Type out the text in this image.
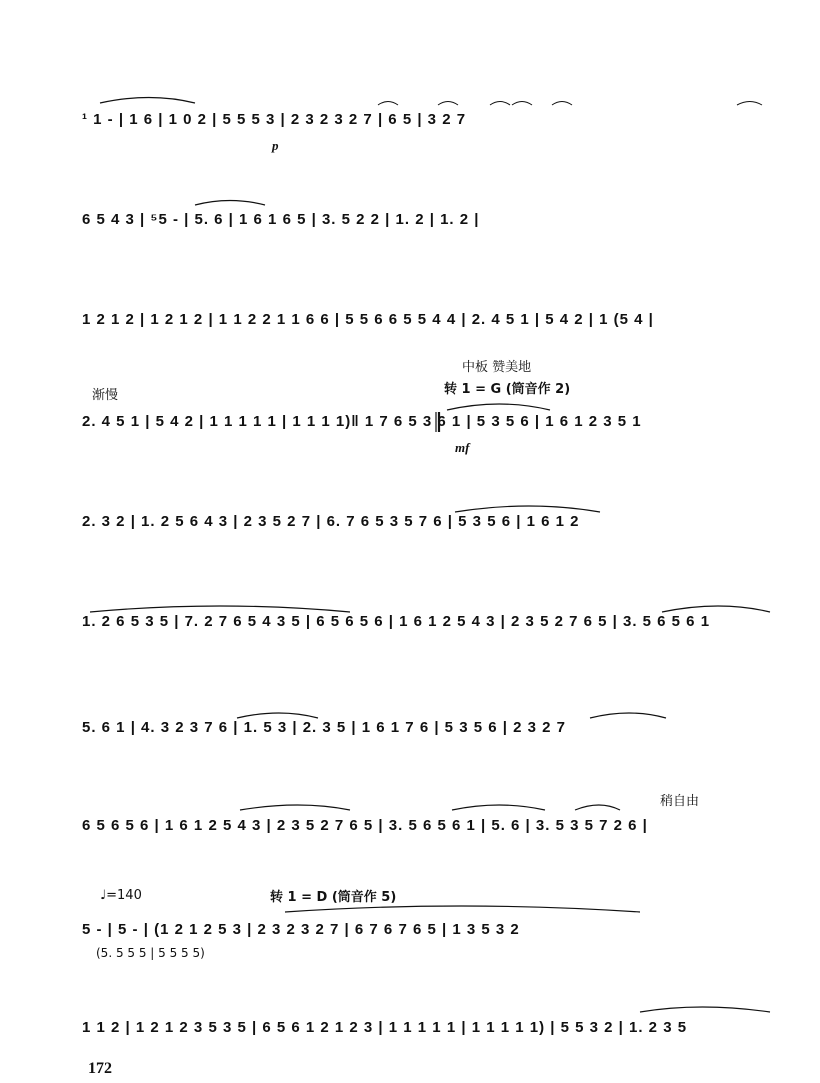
¹ 1 - | 1 6 | 1 0 2 | 5 5 5 3 | 2 3 2 3 2 7 | 6 5 | 3 2 7
p
6 5 4 3 | ⁵5 - | 5. 6 | 1 6 1 6 5 | 3. 5 2 2 | 1. 2 | 1. 2 |
1 2 1 2 | 1 2 1 2 | 1 1 2 2 1 1 6 6 | 5 5 6 6 5 5 4 4 | 2. 4 5 1 | 5 4 2 | 1 (5 4 |
中板 赞美地
转 1 = G (筒音作 2)
渐慢
2. 4 5 1 | 5 4 2 | 1 1 1 1 1 | 1 1 1 1)‖ 1 7 6 5 3 6 1 | 5 3 5 6 | 1 6 1 2 3 5 1
mf
2. 3 2 | 1. 2 5 6 4 3 | 2 3 5 2 7 | 6. 7 6 5 3 5 7 6 | 5 3 5 6 | 1 6 1 2
1. 2 6 5 3 5 | 7. 2 7 6 5 4 3 5 | 6 5 6 5 6 | 1 6 1 2 5 4 3 | 2 3 5 2 7 6 5 | 3. 5 6 5 6 1
5. 6 1 | 4. 3 2 3 7 6 | 1. 5 3 | 2. 3 5 | 1 6 1 7 6 | 5 3 5 6 | 2 3 2 7
稍自由
6 5 6 5 6 | 1 6 1 2 5 4 3 | 2 3 5 2 7 6 5 | 3. 5 6 5 6 1 | 5. 6 | 3. 5 3 5 7 2 6 |
♩=140	转 1 = D (筒音作 5)
5 - | 5 - | (1 2 1 2 5 3 | 2 3 2 3 2 7 | 6 7 6 7 6 5 | 1 3 5 3 2
(5. 5 5 5 | 5 5 5 5)
1 1 2 | 1 2 1 2 3 5 3 5 | 6 5 6 1 2 1 2 3 | 1 1 1 1 1 | 1 1 1 1 1) | 5 5 3 2 | 1. 2 3 5
172
